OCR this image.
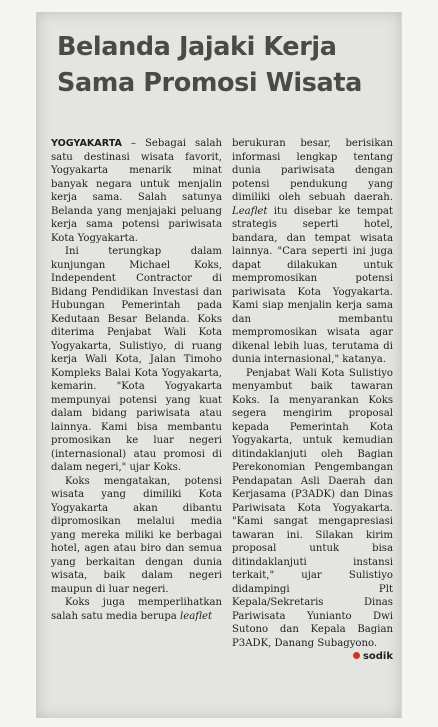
Belanda Jajaki Kerja Sama Promosi Wisata

YOGYAKARTA – Sebagai salah satu destinasi wisata favorit, Yogyakarta menarik minat banyak negara untuk menjalin kerja sama. Salah satunya Belanda yang menjajaki peluang kerja sama potensi pariwisata Kota Yogyakarta.

Ini terungkap dalam kunjungan Michael Koks, Independent Contractor di Bidang Pendidikan Investasi dan Hubungan Pemerintah pada Kedutaan Besar Belanda. Koks diterima Penjabat Wali Kota Yogyakarta, Sulistiyo, di ruang kerja Wali Kota, Jalan Timoho Kompleks Balai Kota Yogyakarta, kemarin. "Kota Yogyakarta mempunyai potensi yang kuat dalam bidang pariwisata atau lainnya. Kami bisa membantu promosikan ke luar negeri (internasional) atau promosi di dalam negeri," ujar Koks.

Koks mengatakan, potensi wisata yang dimiliki Kota Yogyakarta akan dibantu dipromosikan melalui media yang mereka miliki ke berbagai hotel, agen atau biro dan semua yang berkaitan dengan dunia wisata, baik dalam negeri maupun di luar negeri.

Koks juga memperlihatkan salah satu media berupa leaflet

berukuran besar, berisikan informasi lengkap tentang dunia pariwisata dengan potensi pendukung yang dimiliki oleh sebuah daerah. Leaflet itu disebar ke tempat strategis seperti hotel, bandara, dan tempat wisata lainnya. "Cara seperti ini juga dapat dilakukan untuk mempromosikan potensi pariwisata Kota Yogyakarta. Kami siap menjalin kerja sama dan membantu mempromosikan wisata agar dikenal lebih luas, terutama di dunia internasional," katanya.

Penjabat Wali Kota Sulistiyo menyambut baik tawaran Koks. Ia menyarankan Koks segera mengirim proposal kepada Pemerintah Kota Yogyakarta, untuk kemudian ditindaklanjuti oleh Bagian Perekonomian Pengembangan Pendapatan Asli Daerah dan Kerjasama (P3ADK) dan Dinas Pariwisata Kota Yogyakarta. "Kami sangat mengapresiasi tawaran ini. Silakan kirim proposal untuk bisa ditindaklanjuti instansi terkait," ujar Sulistiyo didampingi Plt Kepala/Sekretaris Dinas Pariwisata Yunianto Dwi Sutono dan Kepala Bagian P3ADK, Danang Subagyono.

sodik
